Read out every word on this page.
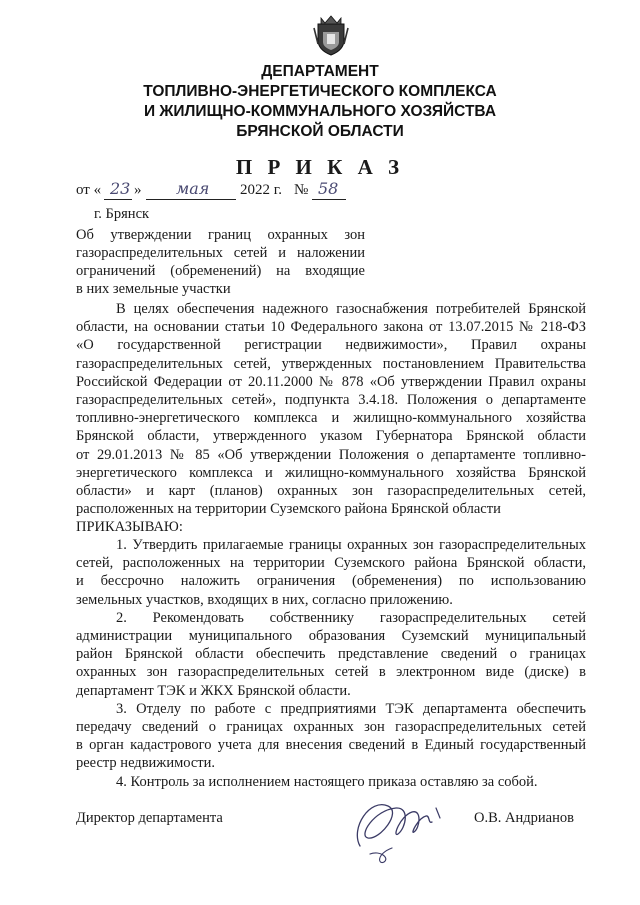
ДЕПАРТАМЕНТ
ТОПЛИВНО-ЭНЕРГЕТИЧЕСКОГО КОМПЛЕКСА
И ЖИЛИЩНО-КОММУНАЛЬНОГО ХОЗЯЙСТВА
БРЯНСКОЙ ОБЛАСТИ
П Р И К А З
от « 23 » мая 2022 г. № 58
г. Брянск
Об утверждении границ охранных зон
газораспределительных сетей и наложении
ограничений (обременений) на входящие
в них земельные участки
В целях обеспечения надежного газоснабжения потребителей Брянской
области, на основании статьи 10 Федерального закона от 13.07.2015 № 218-ФЗ
«О государственной регистрации недвижимости», Правил охраны
газораспределительных сетей, утвержденных постановлением Правительства
Российской Федерации от 20.11.2000 № 878 «Об утверждении Правил охраны
газораспределительных сетей», подпункта 3.4.18. Положения о департаменте
топливно-энергетического комплекса и жилищно-коммунального хозяйства
Брянской области, утвержденного указом Губернатора Брянской области
от 29.01.2013 № 85 «Об утверждении Положения о департаменте топливно-
энергетического комплекса и жилищно-коммунального хозяйства Брянской
области» и карт (планов) охранных зон газораспределительных сетей,
расположенных на территории Суземского района Брянской области
ПРИКАЗЫВАЮ:
1. Утвердить прилагаемые границы охранных зон газораспределительных
сетей, расположенных на территории Суземского района Брянской области,
и бессрочно наложить ограничения (обременения) по использованию
земельных участков, входящих в них, согласно приложению.
2. Рекомендовать собственнику газораспределительных сетей
администрации муниципального образования Суземский муниципальный
район Брянской области обеспечить представление сведений о границах
охранных зон газораспределительных сетей в электронном виде (диске) в
департамент ТЭК и ЖКХ Брянской области.
3. Отделу по работе с предприятиями ТЭК департамента обеспечить
передачу сведений о границах охранных зон газораспределительных сетей
в орган кадастрового учета для внесения сведений в Единый государственный
реестр недвижимости.
4. Контроль за исполнением настоящего приказа оставляю за собой.
Директор департамента	О.В. Андрианов
